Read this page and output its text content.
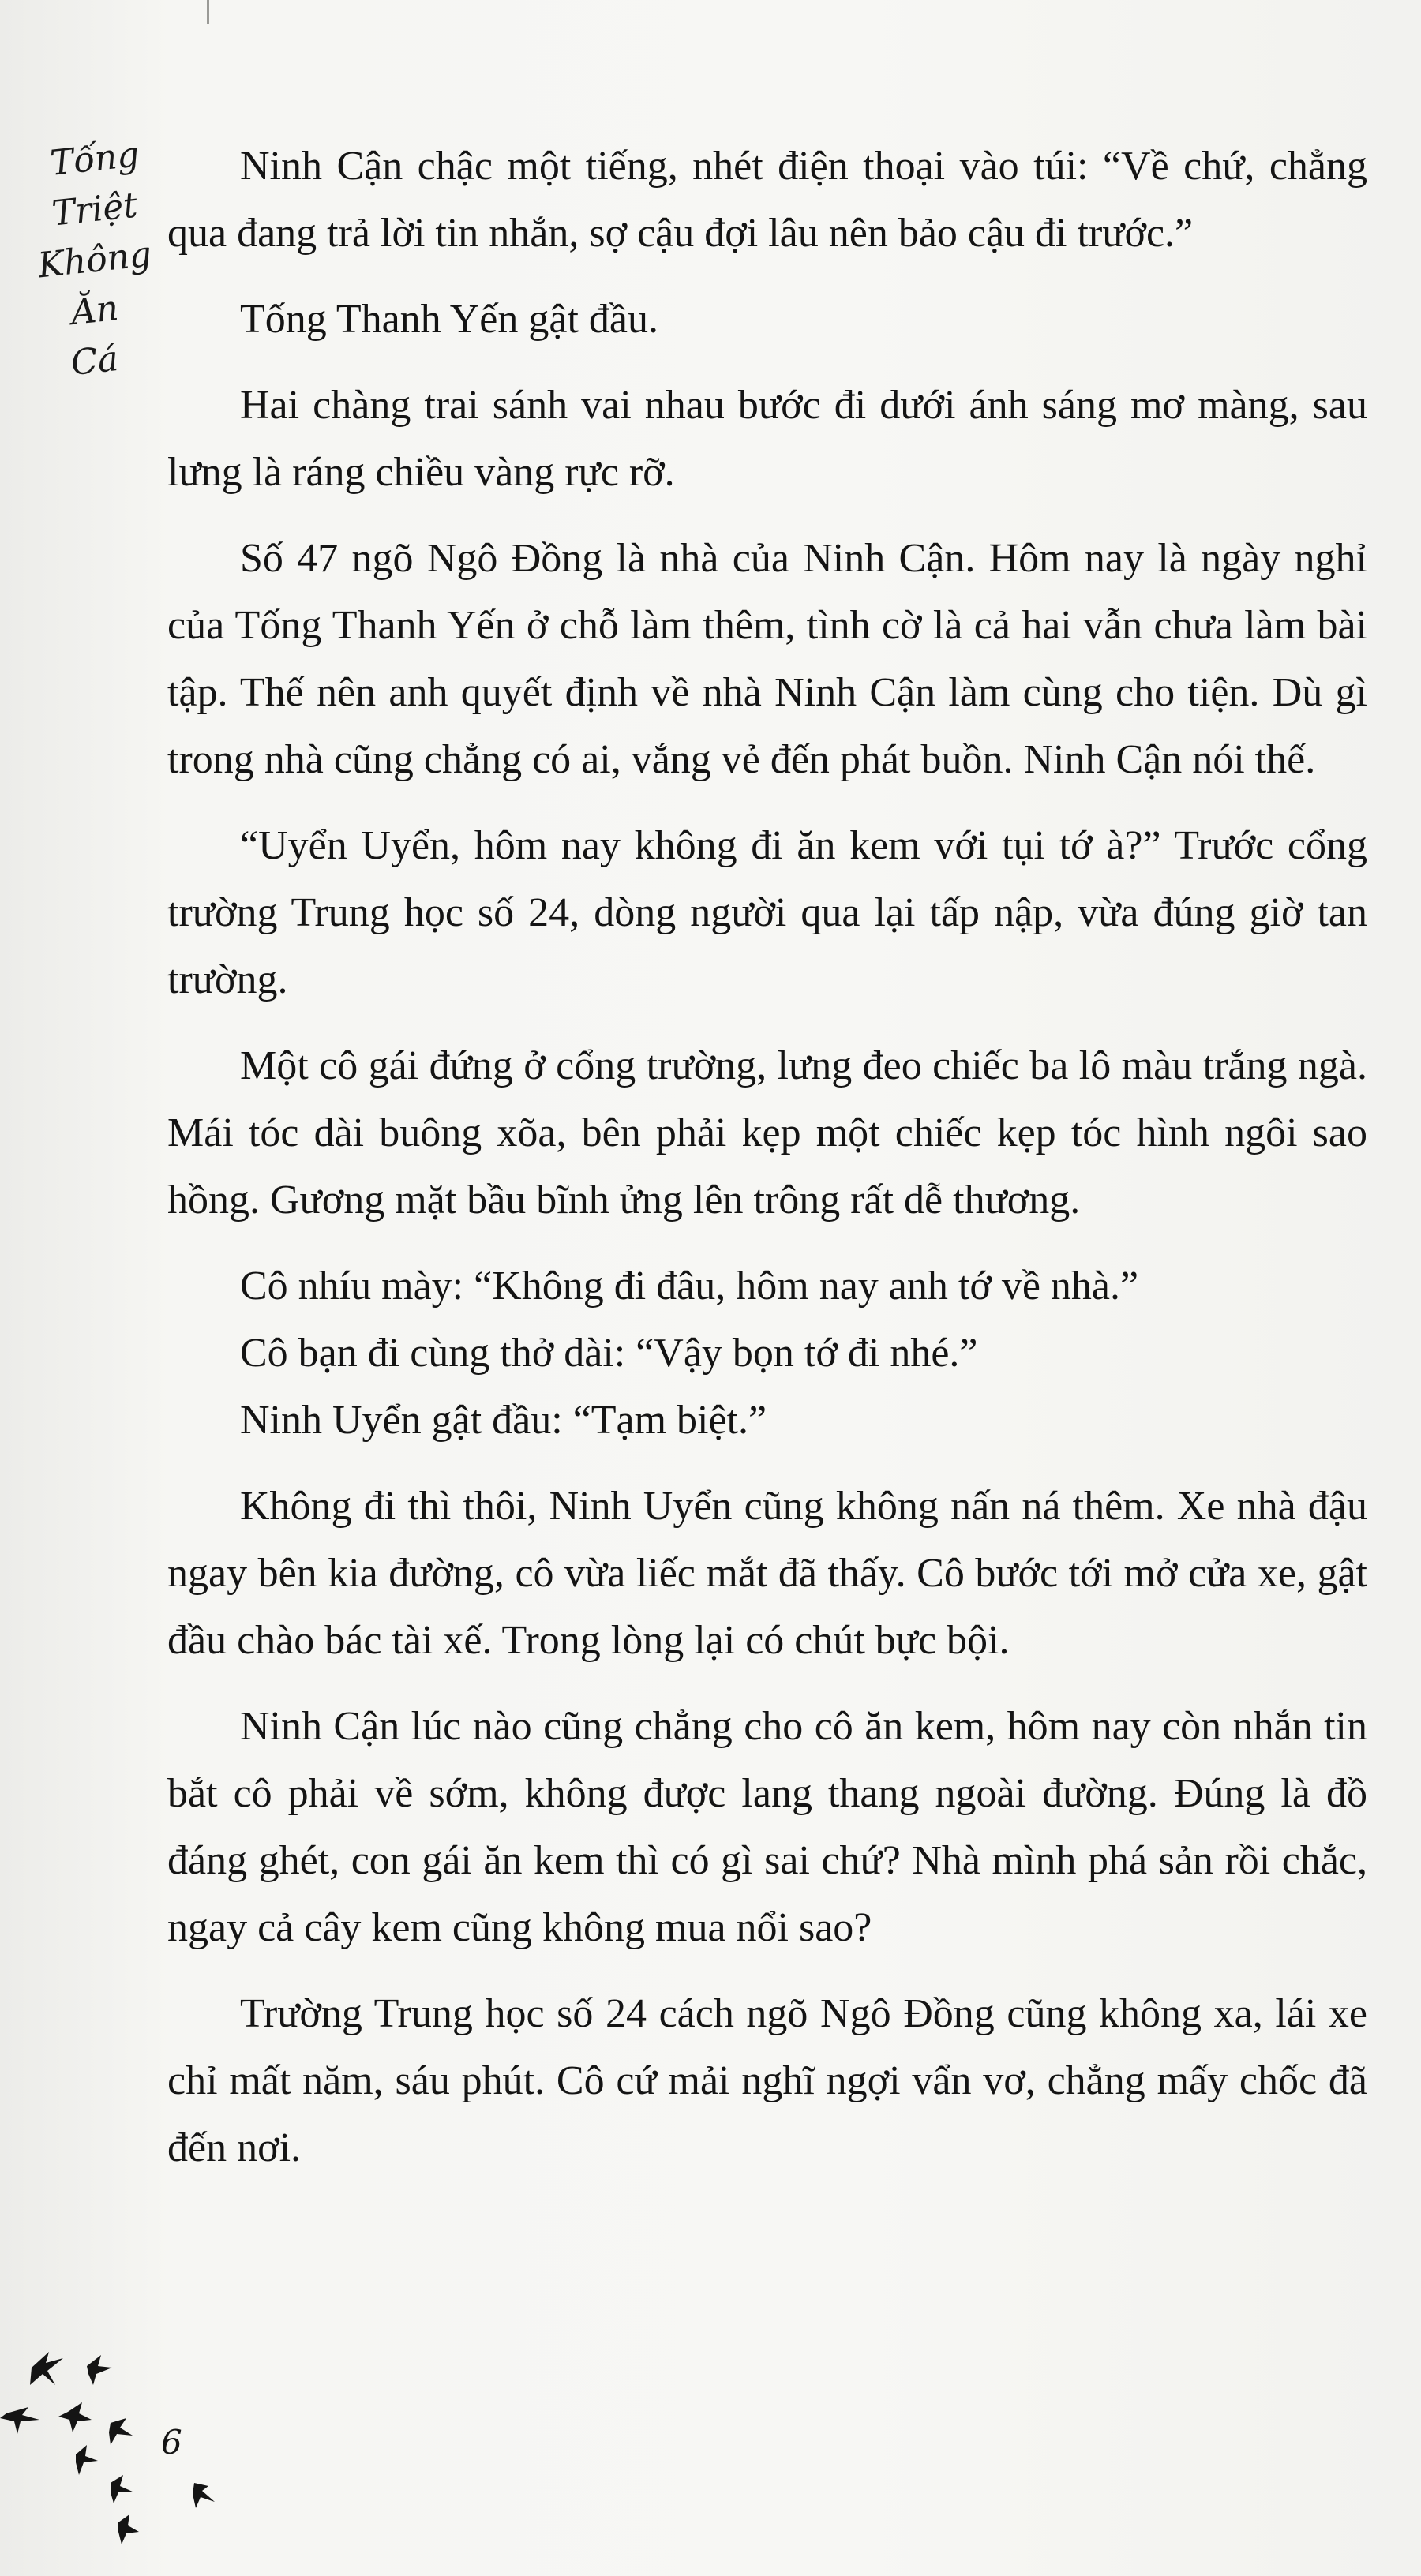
Tống
Triệt
Không
Ăn
Cá

Ninh Cận chậc một tiếng, nhét điện thoại vào túi: “Về chứ, chẳng qua đang trả lời tin nhắn, sợ cậu đợi lâu nên bảo cậu đi trước.”

Tống Thanh Yến gật đầu.

Hai chàng trai sánh vai nhau bước đi dưới ánh sáng mơ màng, sau lưng là ráng chiều vàng rực rỡ.

Số 47 ngõ Ngô Đồng là nhà của Ninh Cận. Hôm nay là ngày nghỉ của Tống Thanh Yến ở chỗ làm thêm, tình cờ là cả hai vẫn chưa làm bài tập. Thế nên anh quyết định về nhà Ninh Cận làm cùng cho tiện. Dù gì trong nhà cũng chẳng có ai, vắng vẻ đến phát buồn. Ninh Cận nói thế.

“Uyển Uyển, hôm nay không đi ăn kem với tụi tớ à?” Trước cổng trường Trung học số 24, dòng người qua lại tấp nập, vừa đúng giờ tan trường.

Một cô gái đứng ở cổng trường, lưng đeo chiếc ba lô màu trắng ngà. Mái tóc dài buông xõa, bên phải kẹp một chiếc kẹp tóc hình ngôi sao hồng. Gương mặt bầu bĩnh ửng lên trông rất dễ thương.

Cô nhíu mày: “Không đi đâu, hôm nay anh tớ về nhà.”

Cô bạn đi cùng thở dài: “Vậy bọn tớ đi nhé.”

Ninh Uyển gật đầu: “Tạm biệt.”

Không đi thì thôi, Ninh Uyển cũng không nấn ná thêm. Xe nhà đậu ngay bên kia đường, cô vừa liếc mắt đã thấy. Cô bước tới mở cửa xe, gật đầu chào bác tài xế. Trong lòng lại có chút bực bội.

Ninh Cận lúc nào cũng chẳng cho cô ăn kem, hôm nay còn nhắn tin bắt cô phải về sớm, không được lang thang ngoài đường. Đúng là đồ đáng ghét, con gái ăn kem thì có gì sai chứ? Nhà mình phá sản rồi chắc, ngay cả cây kem cũng không mua nổi sao?

Trường Trung học số 24 cách ngõ Ngô Đồng cũng không xa, lái xe chỉ mất năm, sáu phút. Cô cứ mải nghĩ ngợi vẩn vơ, chẳng mấy chốc đã đến nơi.

6
